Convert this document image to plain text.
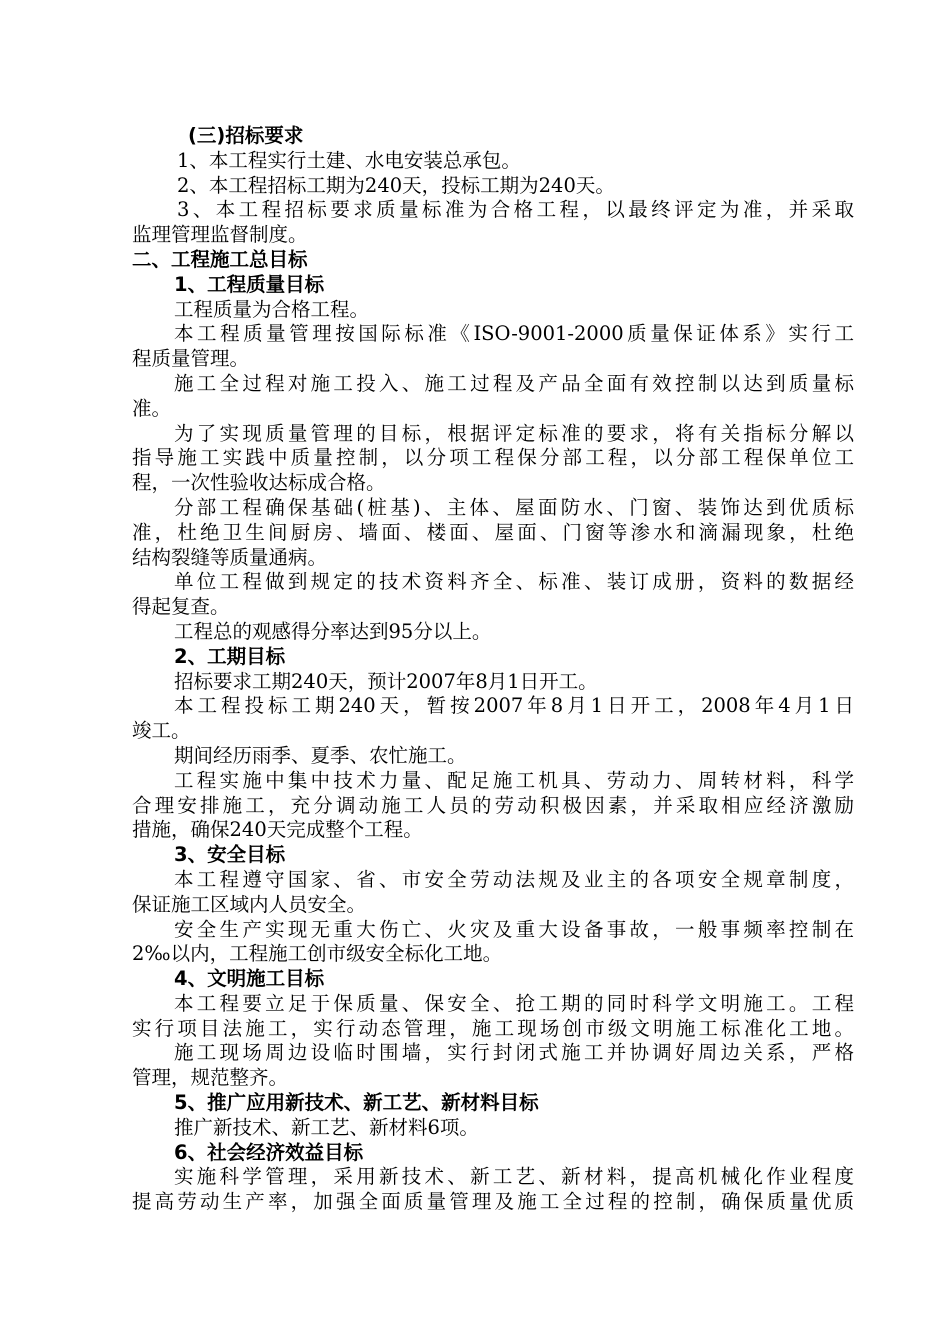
(三)招标要求
1、本工程实行土建、水电安装总承包。
2、本工程招标工期为240天，投标工期为240天。
3、本工程招标要求质量标准为合格工程，以最终评定为准，并采取
监理管理监督制度。
二、工程施工总目标
1、工程质量目标
工程质量为合格工程。
本工程质量管理按国际标准《ISO-9001-2000质量保证体系》实行工
程质量管理。
施工全过程对施工投入、施工过程及产品全面有效控制以达到质量标
准。
为了实现质量管理的目标，根据评定标准的要求，将有关指标分解以
指导施工实践中质量控制，以分项工程保分部工程，以分部工程保单位工
程，一次性验收达标成合格。
分部工程确保基础(桩基)、主体、屋面防水、门窗、装饰达到优质标
准，杜绝卫生间厨房、墙面、楼面、屋面、门窗等渗水和滴漏现象，杜绝
结构裂缝等质量通病。
单位工程做到规定的技术资料齐全、标准、装订成册，资料的数据经
得起复查。
工程总的观感得分率达到95分以上。
2、工期目标
招标要求工期240天，预计2007年8月1日开工。
本工程投标工期240天，暂按2007年8月1日开工，2008年4月1日
竣工。
期间经历雨季、夏季、农忙施工。
工程实施中集中技术力量、配足施工机具、劳动力、周转材料，科学
合理安排施工，充分调动施工人员的劳动积极因素，并采取相应经济激励
措施，确保240天完成整个工程。
3、安全目标
本工程遵守国家、省、市安全劳动法规及业主的各项安全规章制度，
保证施工区域内人员安全。
安全生产实现无重大伤亡、火灾及重大设备事故，一般事频率控制在
2‰以内，工程施工创市级安全标化工地。
4、文明施工目标
本工程要立足于保质量、保安全、抢工期的同时科学文明施工。工程
实行项目法施工，实行动态管理，施工现场创市级文明施工标准化工地。
施工现场周边设临时围墙，实行封闭式施工并协调好周边关系，严格
管理，规范整齐。
5、推广应用新技术、新工艺、新材料目标
推广新技术、新工艺、新材料6项。
6、社会经济效益目标
实施科学管理，采用新技术、新工艺、新材料，提高机械化作业程度
提高劳动生产率，加强全面质量管理及施工全过程的控制，确保质量优质
